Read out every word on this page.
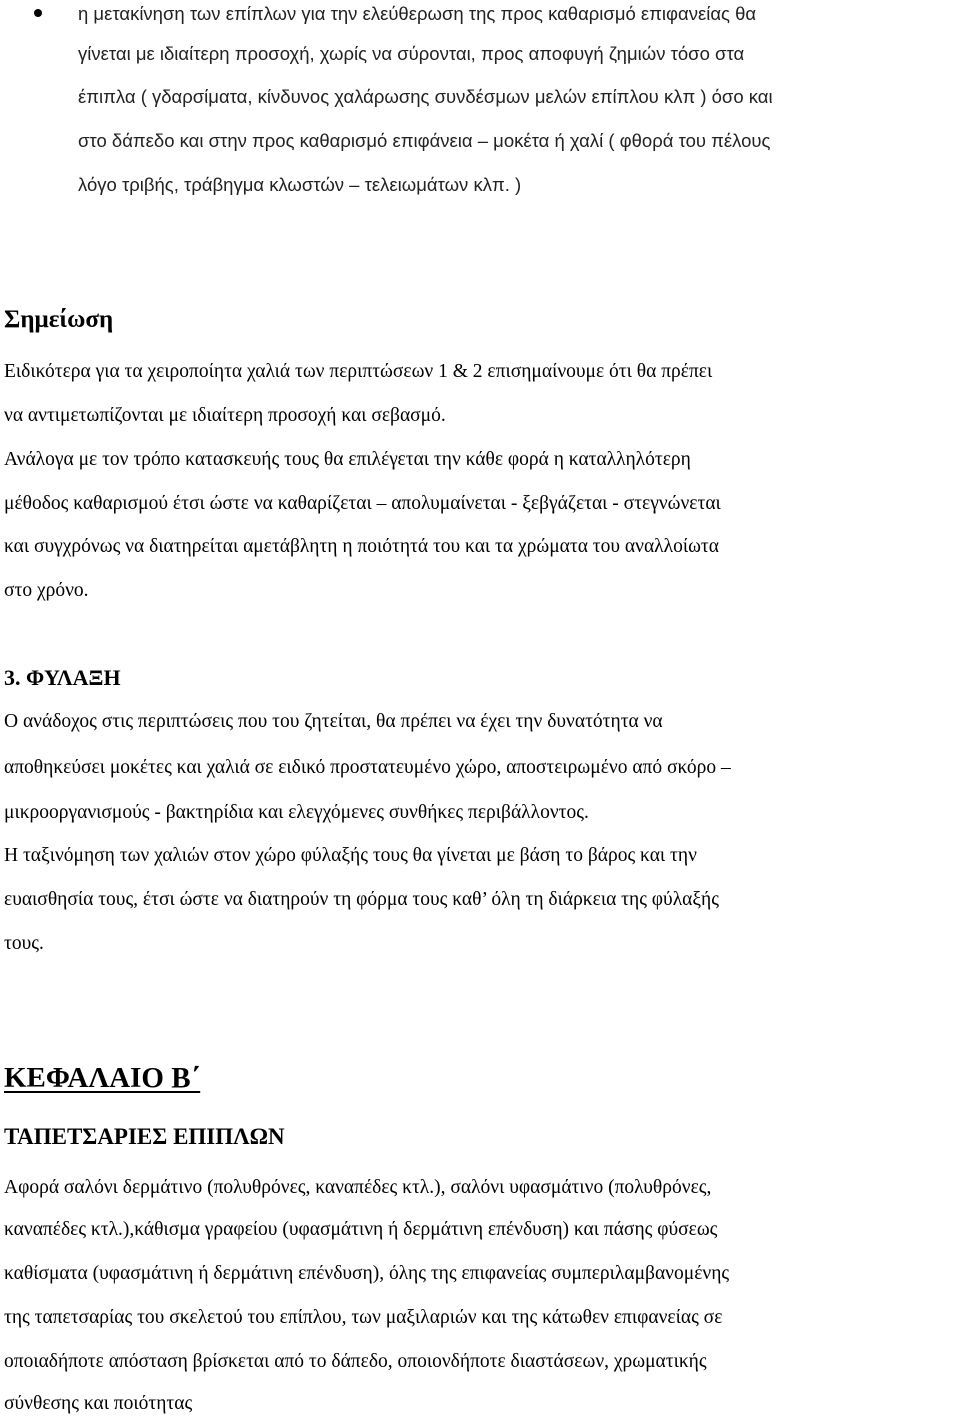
η μετακίνηση των επίπλων για την ελεύθερωση της προς καθαρισμό επιφανείας θα

γίνεται με ιδιαίτερη προσοχή, χωρίς να σύρονται, προς αποφυγή ζημιών τόσο στα

έπιπλα ( γδαρσίματα, κίνδυνος χαλάρωσης συνδέσμων μελών επίπλου κλπ ) όσο και

στο δάπεδο και στην προς καθαρισμό επιφάνεια – μοκέτα ή χαλί ( φθορά του πέλους

λόγο τριβής, τράβηγμα κλωστών – τελειωμάτων κλπ. )

Σημείωση

Ειδικότερα για τα χειροποίητα χαλιά των περιπτώσεων 1 & 2 επισημαίνουμε ότι θα πρέπει

να αντιμετωπίζονται με ιδιαίτερη προσοχή και σεβασμό.

Ανάλογα με τον τρόπο κατασκευής τους θα επιλέγεται την κάθε φορά η καταλληλότερη

μέθοδος καθαρισμού έτσι ώστε να καθαρίζεται – απολυμαίνεται - ξεβγάζεται - στεγνώνεται

και συγχρόνως να διατηρείται αμετάβλητη η ποιότητά του και τα χρώματα του αναλλοίωτα

στο χρόνο.

3. ΦΥΛΑΞΗ

Ο ανάδοχος στις περιπτώσεις που του ζητείται, θα πρέπει να έχει την δυνατότητα να

αποθηκεύσει μοκέτες και χαλιά σε ειδικό προστατευμένο χώρο, αποστειρωμένο από σκόρο –

μικροοργανισμούς - βακτηρίδια και ελεγχόμενες συνθήκες περιβάλλοντος.

Η ταξινόμηση των χαλιών στον χώρο φύλαξής τους θα γίνεται με βάση το βάρος και την

ευαισθησία τους, έτσι ώστε να διατηρούν τη φόρμα τους καθ’ όλη τη διάρκεια της φύλαξής

τους.

ΚΕΦΑΛΑΙΟ Β΄

ΤΑΠΕΤΣΑΡΙΕΣ ΕΠΙΠΛΩΝ

Αφορά σαλόνι δερμάτινο (πολυθρόνες, καναπέδες κτλ.), σαλόνι υφασμάτινο (πολυθρόνες,

καναπέδες κτλ.),κάθισμα γραφείου (υφασμάτινη ή δερμάτινη επένδυση) και πάσης φύσεως

καθίσματα (υφασμάτινη ή δερμάτινη επένδυση), όλης της επιφανείας συμπεριλαμβανομένης

της ταπετσαρίας του σκελετού του επίπλου, των μαξιλαριών και της κάτωθεν επιφανείας σε

οποιαδήποτε απόσταση βρίσκεται από το δάπεδο, οποιονδήποτε διαστάσεων, χρωματικής

σύνθεσης και ποιότητας
